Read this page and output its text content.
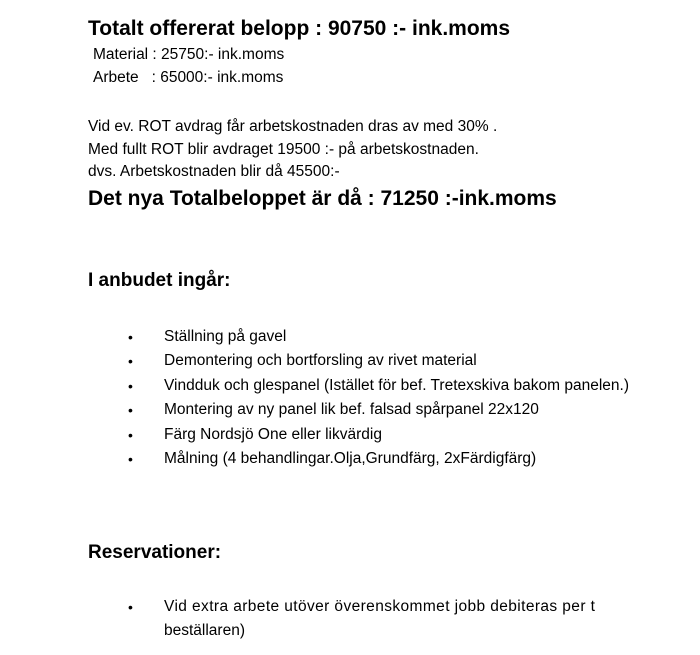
Totalt offererat belopp : 90750 :- ink.moms
Material : 25750:- ink.moms
Arbete   : 65000:- ink.moms
Vid ev. ROT avdrag får arbetskostnaden dras av med 30% .
Med fullt ROT blir avdraget 19500 :- på arbetskostnaden.
dvs. Arbetskostnaden blir då 45500:-
Det nya Totalbeloppet är då : 71250 :-ink.moms
I anbudet ingår:
• Ställning på gavel
• Demontering och bortforsling av rivet material
• Vindduk och glespanel (Istället för bef. Tretexskiva bakom panelen.)
• Montering av ny panel lik bef. falsad spårpanel 22x120
• Färg Nordsjö One eller likvärdig
• Målning (4 behandlingar.Olja,Grundfärg, 2xFärdigfärg)
Reservationer:
• Vid extra arbete utöver överenskommet jobb debiteras per t
beställaren)
